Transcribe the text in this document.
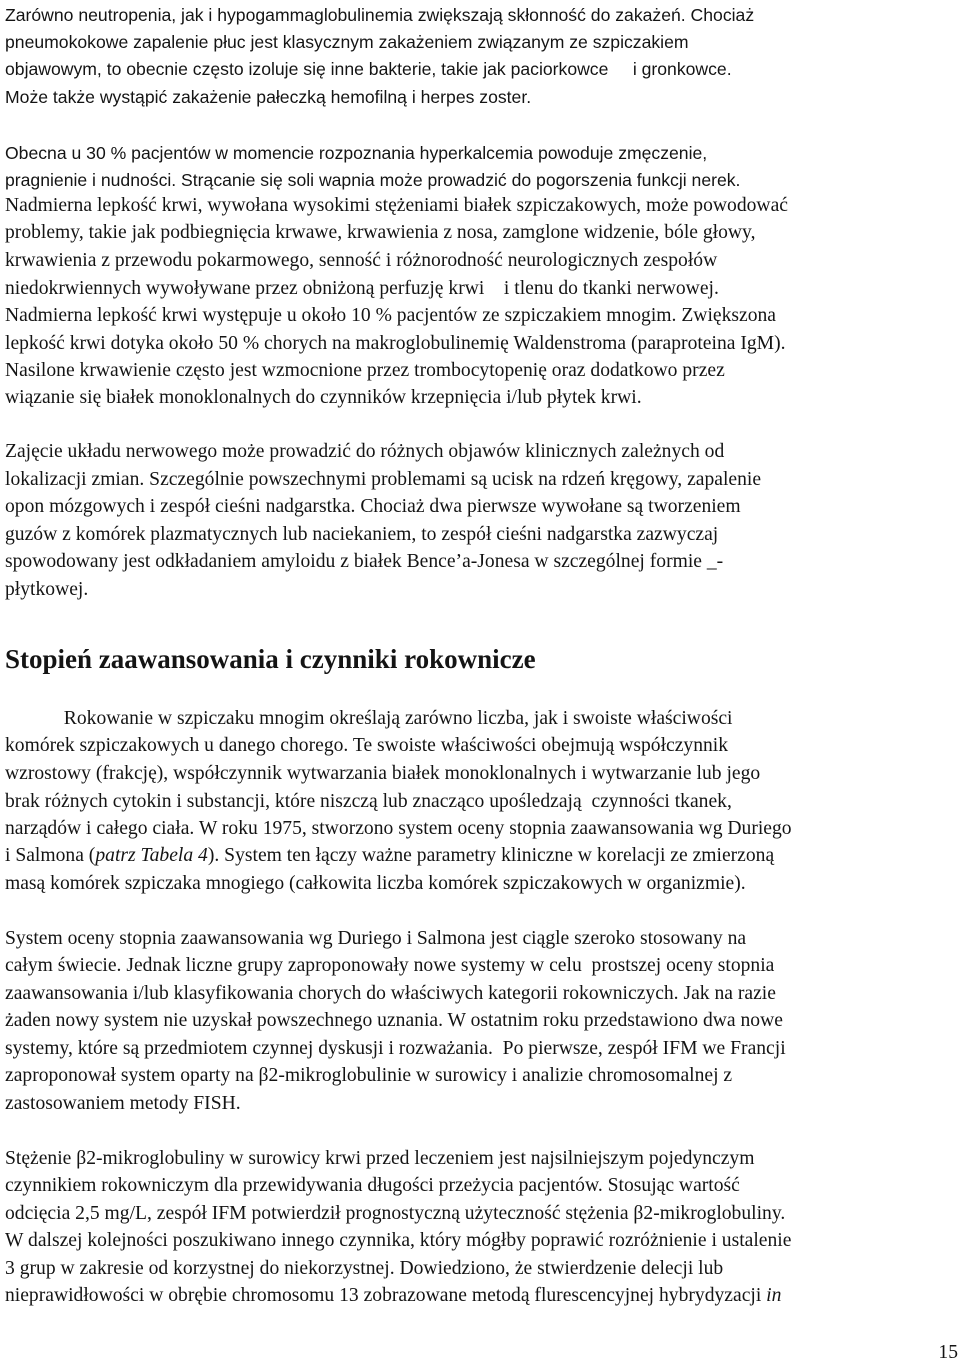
Zarówno neutropenia, jak i hypogammaglobulinemia zwiększają skłonność do zakażeń. Chociaż
pneumokokowe zapalenie płuc jest klasycznym zakażeniem związanym ze szpiczakiem
objawowym, to obecnie często izoluje się inne bakterie, takie jak paciorkowce     i gronkowce.
Może także wystąpić zakażenie pałeczką hemofilną i herpes zoster.
Obecna u 30 % pacjentów w momencie rozpoznania hyperkalcemia powoduje zmęczenie,
pragnienie i nudności. Strącanie się soli wapnia może prowadzić do pogorszenia funkcji nerek.
Nadmierna lepkość krwi, wywołana wysokimi stężeniami białek szpiczakowych, może powodować
problemy, takie jak podbiegnięcia krwawe, krwawienia z nosa, zamglone widzenie, bóle głowy,
krwawienia z przewodu pokarmowego, senność i różnorodność neurologicznych zespołów
niedokrwiennych wywoływane przez obniżoną perfuzję krwi    i tlenu do tkanki nerwowej.
Nadmierna lepkość krwi występuje u około 10 % pacjentów ze szpiczakiem mnogim. Zwiększona
lepkość krwi dotyka około 50 % chorych na makroglobulinemię Waldenstroma (paraproteina IgM).
Nasilone krwawienie często jest wzmocnione przez trombocytopenię oraz dodatkowo przez
wiązanie się białek monoklonalnych do czynników krzepnięcia i/lub płytek krwi.
Zajęcie układu nerwowego może prowadzić do różnych objawów klinicznych zależnych od
lokalizacji zmian. Szczególnie powszechnymi problemami są ucisk na rdzeń kręgowy, zapalenie
opon mózgowych i zespół cieśni nadgarstka. Chociaż dwa pierwsze wywołane są tworzeniem
guzów z komórek plazmatycznych lub naciekaniem, to zespół cieśni nadgarstka zazwyczaj
spowodowany jest odkładaniem amyloidu z białek Bence’a-Jonesa w szczególnej formie _-
płytkowej.
Stopień zaawansowania i czynniki rokownicze
Rokowanie w szpiczaku mnogim określają zarówno liczba, jak i swoiste właściwości
komórek szpiczakowych u danego chorego. Te swoiste właściwości obejmują współczynnik
wzrostowy (frakcję), współczynnik wytwarzania białek monoklonalnych i wytwarzanie lub jego
brak różnych cytokin i substancji, które niszczą lub znacząco upośledzają  czynności tkanek,
narządów i całego ciała. W roku 1975, stworzono system oceny stopnia zaawansowania wg Duriego
i Salmona (patrz Tabela 4). System ten łączy ważne parametry kliniczne w korelacji ze zmierzoną
masą komórek szpiczaka mnogiego (całkowita liczba komórek szpiczakowych w organizmie).
System oceny stopnia zaawansowania wg Duriego i Salmona jest ciągle szeroko stosowany na
całym świecie. Jednak liczne grupy zaproponowały nowe systemy w celu  prostszej oceny stopnia
zaawansowania i/lub klasyfikowania chorych do właściwych kategorii rokowniczych. Jak na razie
żaden nowy system nie uzyskał powszechnego uznania. W ostatnim roku przedstawiono dwa nowe
systemy, które są przedmiotem czynnej dyskusji i rozważania.  Po pierwsze, zespół IFM we Francji
zaproponował system oparty na β2-mikroglobulinie w surowicy i analizie chromosomalnej z
zastosowaniem metody FISH.
Stężenie β2-mikroglobuliny w surowicy krwi przed leczeniem jest najsilniejszym pojedynczym
czynnikiem rokowniczym dla przewidywania długości przeżycia pacjentów. Stosując wartość
odcięcia 2,5 mg/L, zespół IFM potwierdził prognostyczną użyteczność stężenia β2-mikroglobuliny.
W dalszej kolejności poszukiwano innego czynnika, który mógłby poprawić rozróżnienie i ustalenie
3 grup w zakresie od korzystnej do niekorzystnej. Dowiedziono, że stwierdzenie delecji lub
nieprawidłowości w obrębie chromosomu 13 zobrazowane metodą flurescencyjnej hybrydyzacji in
15
